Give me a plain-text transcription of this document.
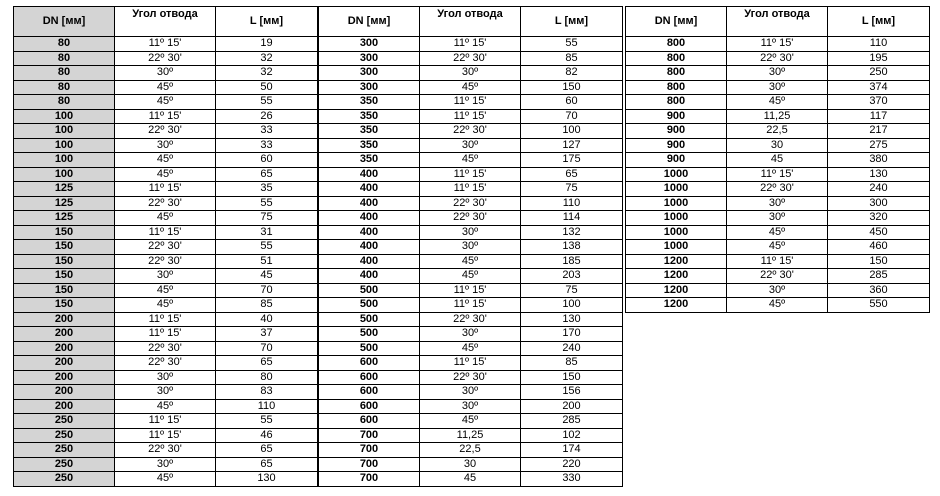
DN [мм]	Угол отвода	L [мм]
80	11º 15'	19
80	22º 30'	32
80	30º	32
80	45º	50
80	45º	55
100	11º 15'	26
100	22º 30'	33
100	30º	33
100	45º	60
100	45º	65
125	11º 15'	35
125	22º 30'	55
125	45º	75
150	11º 15'	31
150	22º 30'	55
150	22º 30'	51
150	30º	45
150	45º	70
150	45º	85
200	11º 15'	40
200	11º 15'	37
200	22º 30'	70
200	22º 30'	65
200	30º	80
200	30º	83
200	45º	110
250	11º 15'	55
250	11º 15'	46
250	22º 30'	65
250	30º	65
250	45º	130
DN [мм]	Угол отвода	L [мм]
300	11º 15'	55
300	22º 30'	85
300	30º	82
300	45º	150
350	11º 15'	60
350	11º 15'	70
350	22º 30'	100
350	30º	127
350	45º	175
400	11º 15'	65
400	11º 15'	75
400	22º 30'	110
400	22º 30'	114
400	30º	132
400	30º	138
400	45º	185
400	45º	203
500	11º 15'	75
500	11º 15'	100
500	22º 30'	130
500	30º	170
500	45º	240
600	11º 15'	85
600	22º 30'	150
600	30º	156
600	30º	200
600	45º	285
700	11,25	102
700	22,5	174
700	30	220
700	45	330
DN [мм]	Угол отвода	L [мм]
800	11º 15'	110
800	22º 30'	195
800	30º	250
800	30º	374
800	45º	370
900	11,25	117
900	22,5	217
900	30	275
900	45	380
1000	11º 15'	130
1000	22º 30'	240
1000	30º	300
1000	30º	320
1000	45º	450
1000	45º	460
1200	11º 15'	150
1200	22º 30'	285
1200	30º	360
1200	45º	550
